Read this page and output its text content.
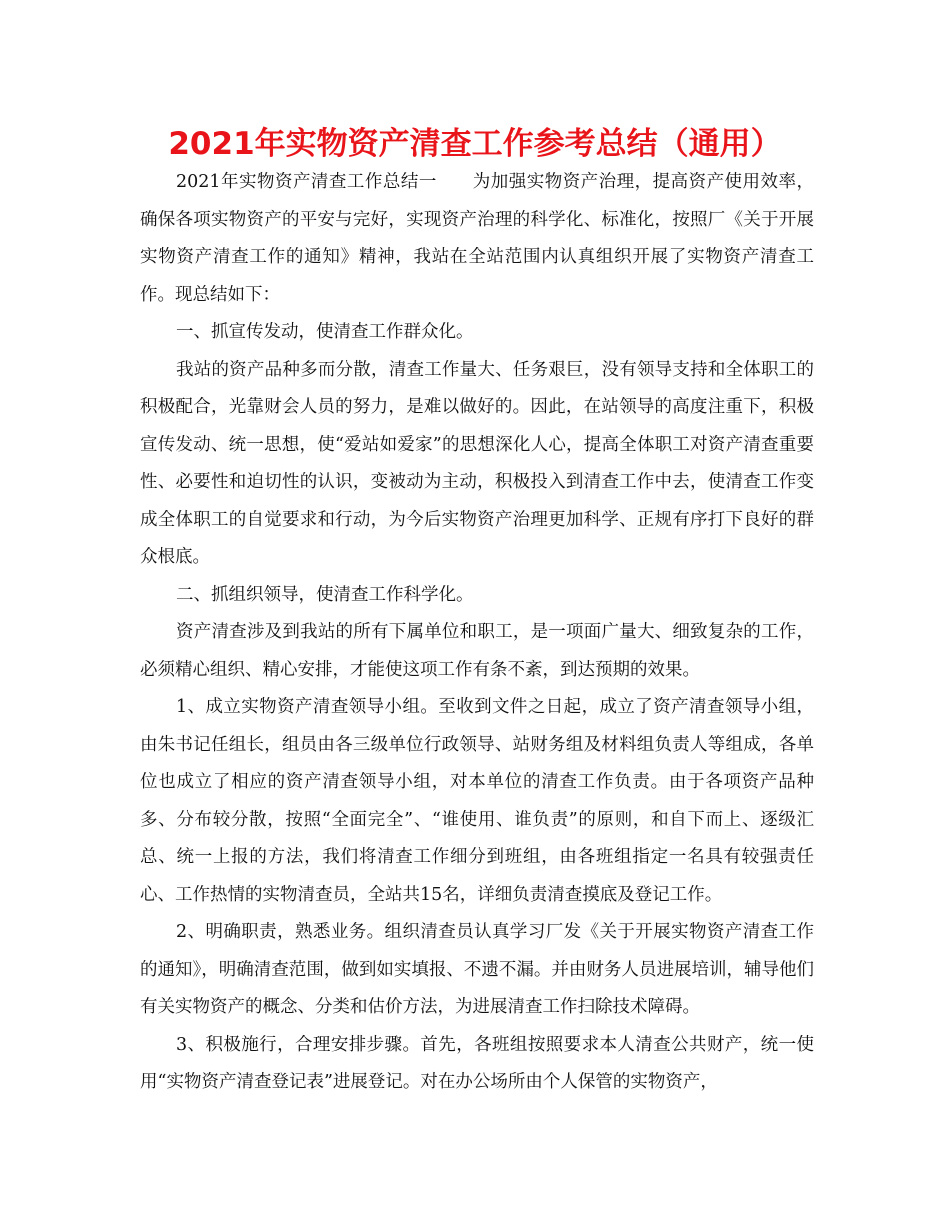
2021年实物资产清查工作参考总结（通用）

2021年实物资产清查工作总结一　　为加强实物资产治理，提高资产使用效率，确保各项实物资产的平安与完好，实现资产治理的科学化、标准化，按照厂《关于开展实物资产清查工作的通知》精神，我站在全站范围内认真组织开展了实物资产清查工作。现总结如下：

一、抓宣传发动，使清查工作群众化。

我站的资产品种多而分散，清查工作量大、任务艰巨，没有领导支持和全体职工的积极配合，光靠财会人员的努力，是难以做好的。因此，在站领导的高度注重下，积极宣传发动、统一思想，使“爱站如爱家”的思想深化人心，提高全体职工对资产清查重要性、必要性和迫切性的认识，变被动为主动，积极投入到清查工作中去，使清查工作变成全体职工的自觉要求和行动，为今后实物资产治理更加科学、正规有序打下良好的群众根底。

二、抓组织领导，使清查工作科学化。

资产清查涉及到我站的所有下属单位和职工，是一项面广量大、细致复杂的工作，必须精心组织、精心安排，才能使这项工作有条不紊，到达预期的效果。

1、成立实物资产清查领导小组。至收到文件之日起，成立了资产清查领导小组，由朱书记任组长，组员由各三级单位行政领导、站财务组及材料组负责人等组成，各单位也成立了相应的资产清查领导小组，对本单位的清查工作负责。由于各项资产品种多、分布较分散，按照“全面完全”、“谁使用、谁负责”的原则，和自下而上、逐级汇总、统一上报的方法，我们将清查工作细分到班组，由各班组指定一名具有较强责任心、工作热情的实物清查员，全站共15名，详细负责清查摸底及登记工作。

2、明确职责，熟悉业务。组织清查员认真学习厂发《关于开展实物资产清查工作的通知》，明确清查范围，做到如实填报、不遗不漏。并由财务人员进展培训，辅导他们有关实物资产的概念、分类和估价方法，为进展清查工作扫除技术障碍。

3、积极施行，合理安排步骤。首先，各班组按照要求本人清查公共财产，统一使用“实物资产清查登记表”进展登记。对在办公场所由个人保管的实物资产，
